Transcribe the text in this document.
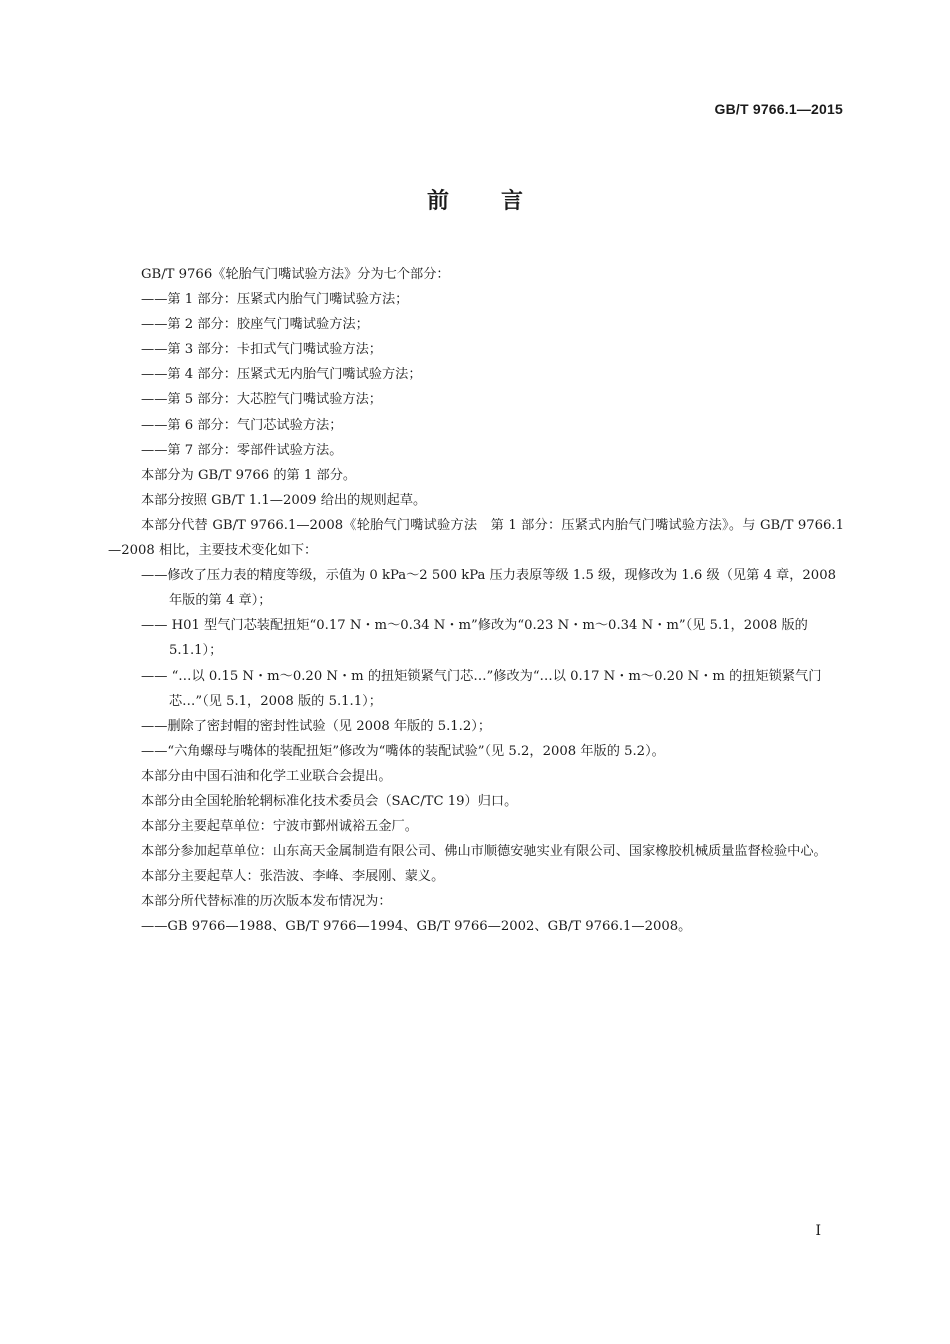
GB/T 9766.1—2015
前言

GB/T 9766《轮胎气门嘴试验方法》分为七个部分：

——第 1 部分：压紧式内胎气门嘴试验方法；

——第 2 部分：胶座气门嘴试验方法；

——第 3 部分：卡扣式气门嘴试验方法；

——第 4 部分：压紧式无内胎气门嘴试验方法；

——第 5 部分：大芯腔气门嘴试验方法；

——第 6 部分：气门芯试验方法；

——第 7 部分：零部件试验方法。

本部分为 GB/T 9766 的第 1 部分。

本部分按照 GB/T 1.1—2009 给出的规则起草。

本部分代替 GB/T 9766.1—2008《轮胎气门嘴试验方法　第 1 部分：压紧式内胎气门嘴试验方法》。与 GB/T 9766.1—2008 相比，主要技术变化如下：

——修改了压力表的精度等级，示值为 0 kPa～2 500 kPa 压力表原等级 1.5 级，现修改为 1.6 级（见第 4 章，2008 年版的第 4 章）；

—— H01 型气门芯装配扭矩“0.17 N・m～0.34 N・m”修改为“0.23 N・m～0.34 N・m”（见 5.1，2008 版的 5.1.1）；

—— “…以 0.15 N・m～0.20 N・m 的扭矩锁紧气门芯…”修改为“…以 0.17 N・m～0.20 N・m 的扭矩锁紧气门芯…”（见 5.1，2008 版的 5.1.1）；

——删除了密封帽的密封性试验（见 2008 年版的 5.1.2）；

——“六角螺母与嘴体的装配扭矩”修改为“嘴体的装配试验”（见 5.2，2008 年版的 5.2）。

本部分由中国石油和化学工业联合会提出。

本部分由全国轮胎轮辋标准化技术委员会（SAC/TC 19）归口。

本部分主要起草单位：宁波市鄞州诚裕五金厂。

本部分参加起草单位：山东高天金属制造有限公司、佛山市顺德安驰实业有限公司、国家橡胶机械质量监督检验中心。

本部分主要起草人：张浩波、李峰、李展刚、蒙义。

本部分所代替标准的历次版本发布情况为：

——GB 9766—1988、GB/T 9766—1994、GB/T 9766—2002、GB/T 9766.1—2008。

I
